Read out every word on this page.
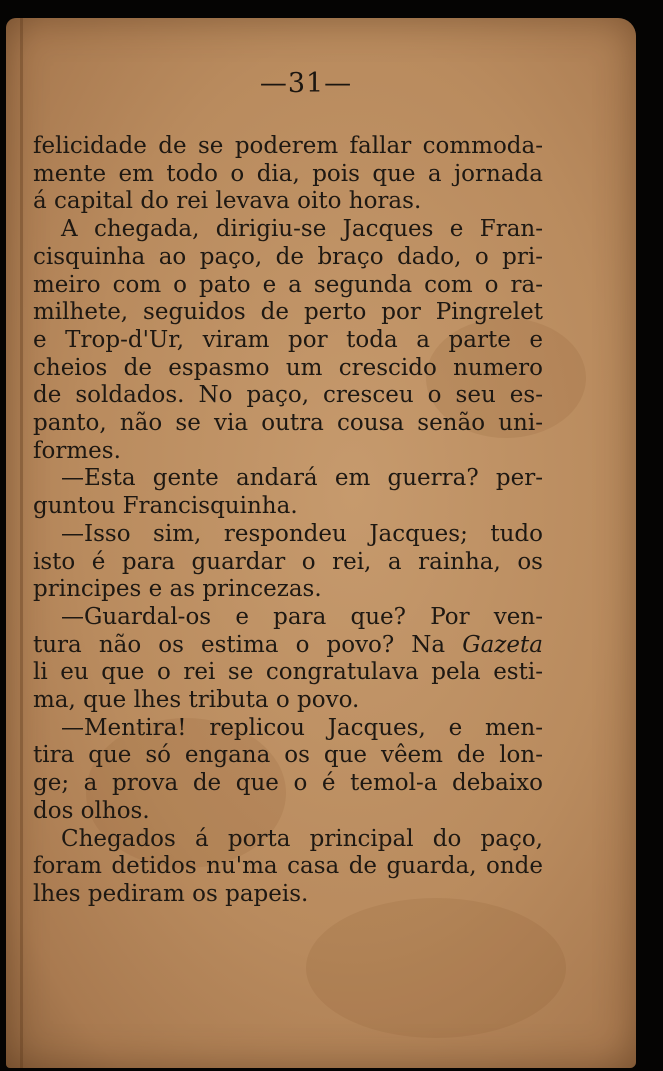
—31—
felicidade de se poderem fallar commoda-
mente em todo o dia, pois que a jornada
á capital do rei levava oito horas.
A chegada, dirigiu-se Jacques e Fran-
cisquinha ao paço, de braço dado, o pri-
meiro com o pato e a segunda com o ra-
milhete, seguidos de perto por Pingrelet
e Trop-d'Ur, viram por toda a parte e
cheios de espasmo um crescido numero
de soldados. No paço, cresceu o seu es-
panto, não se via outra cousa senão uni-
formes.
—Esta gente andará em guerra? per-
guntou Francisquinha.
—Isso sim, respondeu Jacques; tudo
isto é para guardar o rei, a rainha, os
principes e as princezas.
—Guardal-os e para que? Por ven-
tura não os estima o povo? Na Gazeta
li eu que o rei se congratulava pela esti-
ma, que lhes tributa o povo.
—Mentira! replicou Jacques, e men-
tira que só engana os que vêem de lon-
ge; a prova de que o é temol-a debaixo
dos olhos.
Chegados á porta principal do paço,
foram detidos nu'ma casa de guarda, onde
lhes pediram os papeis.
